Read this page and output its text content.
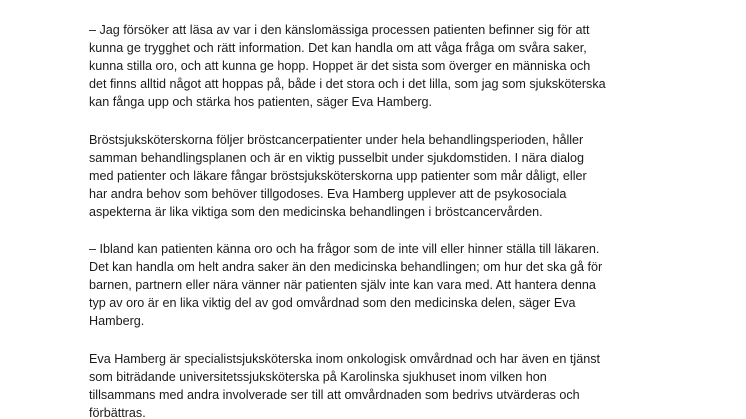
– Jag försöker att läsa av var i den känslomässiga processen patienten befinner sig för att
kunna ge trygghet och rätt information. Det kan handla om att våga fråga om svåra saker,
kunna stilla oro, och att kunna ge hopp. Hoppet är det sista som överger en människa och
det finns alltid något att hoppas på, både i det stora och i det lilla, som jag som sjuksköterska
kan fånga upp och stärka hos patienten, säger Eva Hamberg.
Bröstsjuksköterskorna följer bröstcancerpatienter under hela behandlingsperioden, håller
samman behandlingsplanen och är en viktig pusselbit under sjukdomstiden. I nära dialog
med patienter och läkare fångar bröstsjuksköterskorna upp patienter som mår dåligt, eller
har andra behov som behöver tillgodoses. Eva Hamberg upplever att de psykosociala
aspekterna är lika viktiga som den medicinska behandlingen i bröstcancervården.
– Ibland kan patienten känna oro och ha frågor som de inte vill eller hinner ställa till läkaren.
Det kan handla om helt andra saker än den medicinska behandlingen; om hur det ska gå för
barnen, partnern eller nära vänner när patienten själv inte kan vara med. Att hantera denna
typ av oro är en lika viktig del av god omvårdnad som den medicinska delen, säger Eva
Hamberg.
Eva Hamberg är specialistsjuksköterska inom onkologisk omvårdnad och har även en tjänst
som biträdande universitetssjuksköterska på Karolinska sjukhuset inom vilken hon
tillsammans med andra involverade ser till att omvårdnaden som bedrivs utvärderas och
förbättras.
